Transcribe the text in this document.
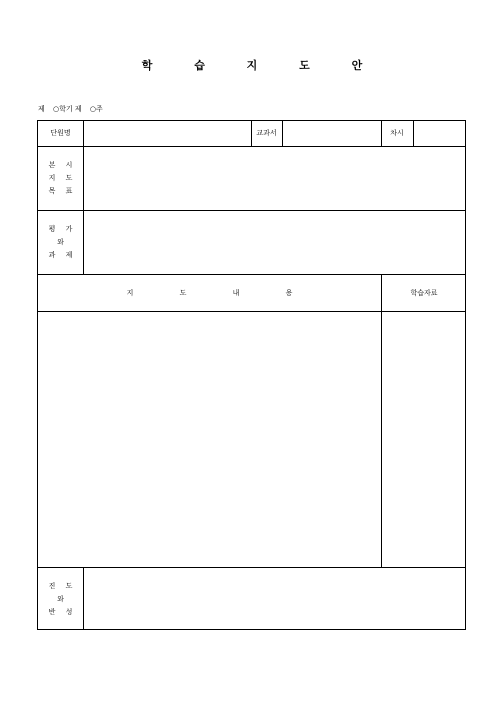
학 습 지 도 안
제 ○학기 제 ○주
단원명	교과서	차시
본 시
지 도
목 표
평 가
와
과 제
지 도 내 용	학습자료
진 도
와
반 성
